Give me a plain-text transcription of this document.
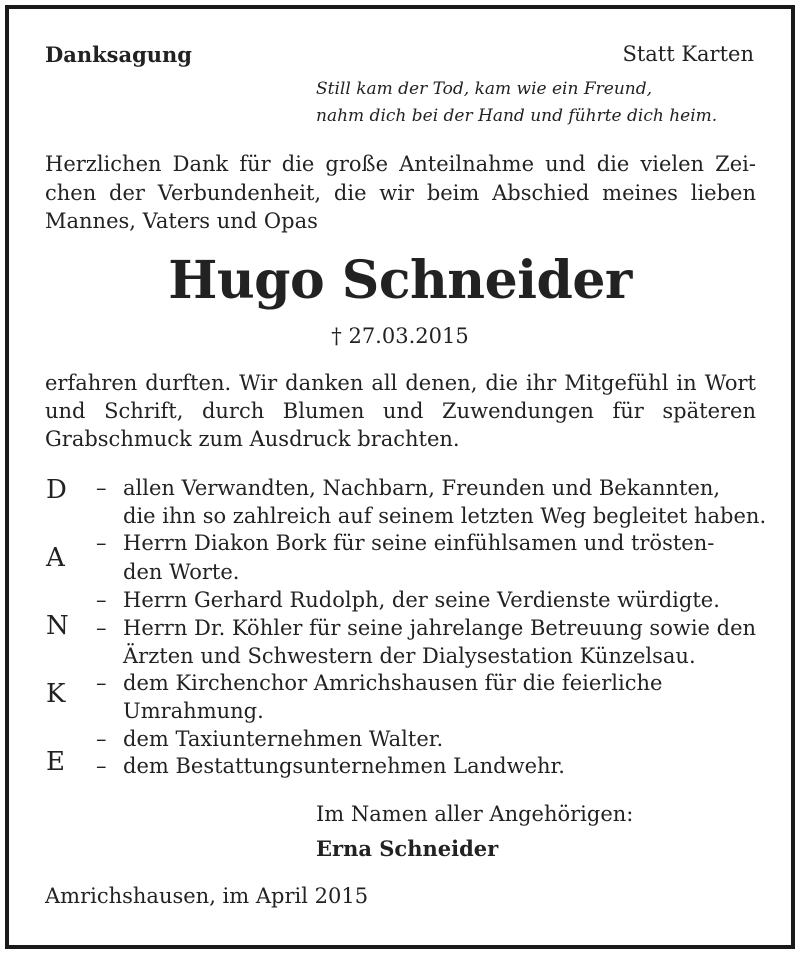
Danksagung	Statt Karten
Still kam der Tod, kam wie ein Freund,
nahm dich bei der Hand und führte dich heim.
Herzlichen Dank für die große Anteilnahme und die vielen Zei-
chen der Verbundenheit, die wir beim Abschied meines lieben
Mannes, Vaters und Opas
Hugo Schneider
† 27.03.2015
erfahren durften. Wir danken all denen, die ihr Mitgefühl in Wort
und Schrift, durch Blumen und Zuwendungen für späteren
Grabschmuck zum Ausdruck brachten.
D
A
N
K
E
–
–
–
–
–
–
–
allen Verwandten, Nachbarn, Freunden und Bekannten,
die ihn so zahlreich auf seinem letzten Weg begleitet haben.
Herrn Diakon Bork für seine einfühlsamen und trösten-
den Worte.
Herrn Gerhard Rudolph, der seine Verdienste würdigte.
Herrn Dr. Köhler für seine jahrelange Betreuung sowie den
Ärzten und Schwestern der Dialysestation Künzelsau.
dem Kirchenchor Amrichshausen für die feierliche
Umrahmung.
dem Taxiunternehmen Walter.
dem Bestattungsunternehmen Landwehr.
Im Namen aller Angehörigen:
Erna Schneider
Amrichshausen, im April 2015
